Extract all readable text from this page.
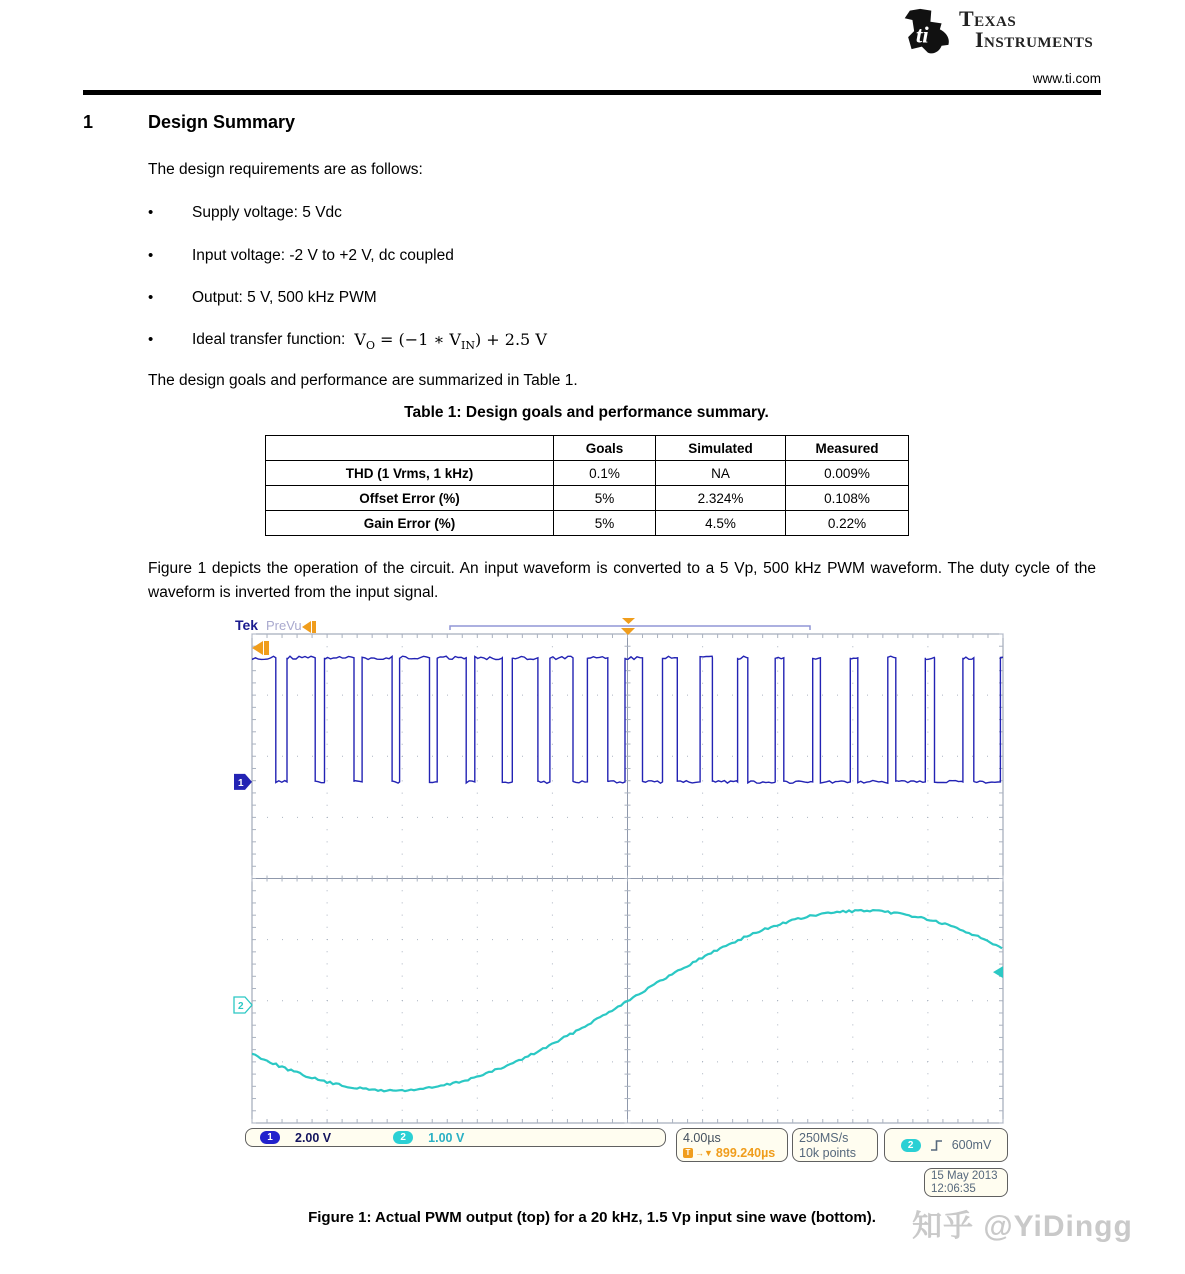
ti
Texas
Instruments
www.ti.com
1	Design Summary
The design requirements are as follows:
•	Supply voltage: 5 Vdc
•	Input voltage: -2 V to +2 V, dc coupled
•	Output: 5 V, 500 kHz PWM
•	Ideal transfer function: $V_O = (-1$ ∗ $V_{IN}) + 2.5$ V
The design goals and performance are summarized in Table 1.
Table 1: Design goals and performance summary.
	Goals	Simulated	Measured
THD (1 Vrms, 1 kHz)	0.1%	NA	0.009%
Offset Error (%)	5%	2.324%	0.108%
Gain Error (%)	5%	4.5%	0.22%
Figure 1 depicts the operation of the circuit. An input waveform is converted to a 5 Vp, 500 kHz PWM waveform. The duty cycle of the waveform is inverted from the input signal.
1
2
Tek PreVu
1	2.00 V	2	1.00 V	4.00µs
T →▼ 899.240µs
250MS/s
10k points
2	600mV
15 May 2013
12:06:35
Figure 1: Actual PWM output (top) for a 20 kHz, 1.5 Vp input sine wave (bottom).	知乎 @YiDingg
